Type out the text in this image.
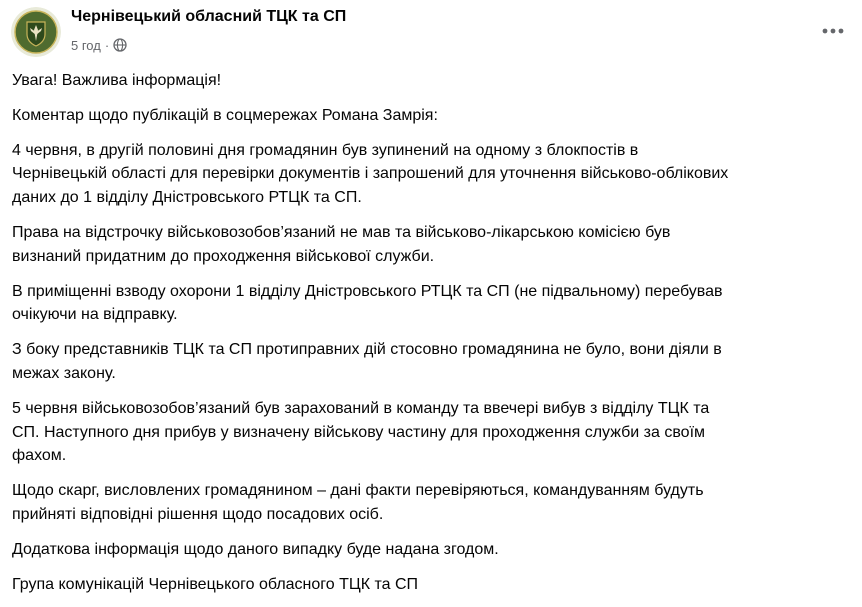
Чернівецький обласний ТЦК та СП
5 год ·

Увага! Важлива інформація!

Коментар щодо публікацій в соцмережах Романа Замрія:

4 червня, в другій половині дня громадянин був зупинений на одному з блокпостів в
Чернівецькій області для перевірки документів і запрошений для уточнення військово-облікових
даних до 1 відділу Дністровського РТЦК та СП.

Права на відстрочку військовозобов’язаний не мав та військово-лікарською комісією був
визнаний придатним до проходження військової служби.

В приміщенні взводу охорони 1 відділу Дністровського РТЦК та СП (не підвальному) перебував
очікуючи на відправку.

З боку представників ТЦК та СП протиправних дій стосовно громадянина не було, вони діяли в
межах закону.

5 червня військовозобов’язаний був зарахований в команду та ввечері вибув з відділу ТЦК та
СП. Наступного дня прибув у визначену військову частину для проходження служби за своїм
фахом.

Щодо скарг, висловлених громадянином – дані факти перевіряються, командуванням будуть
прийняті відповідні рішення щодо посадових осіб.

Додаткова інформація щодо даного випадку буде надана згодом.

Група комунікацій Чернівецького обласного ТЦК та СП
